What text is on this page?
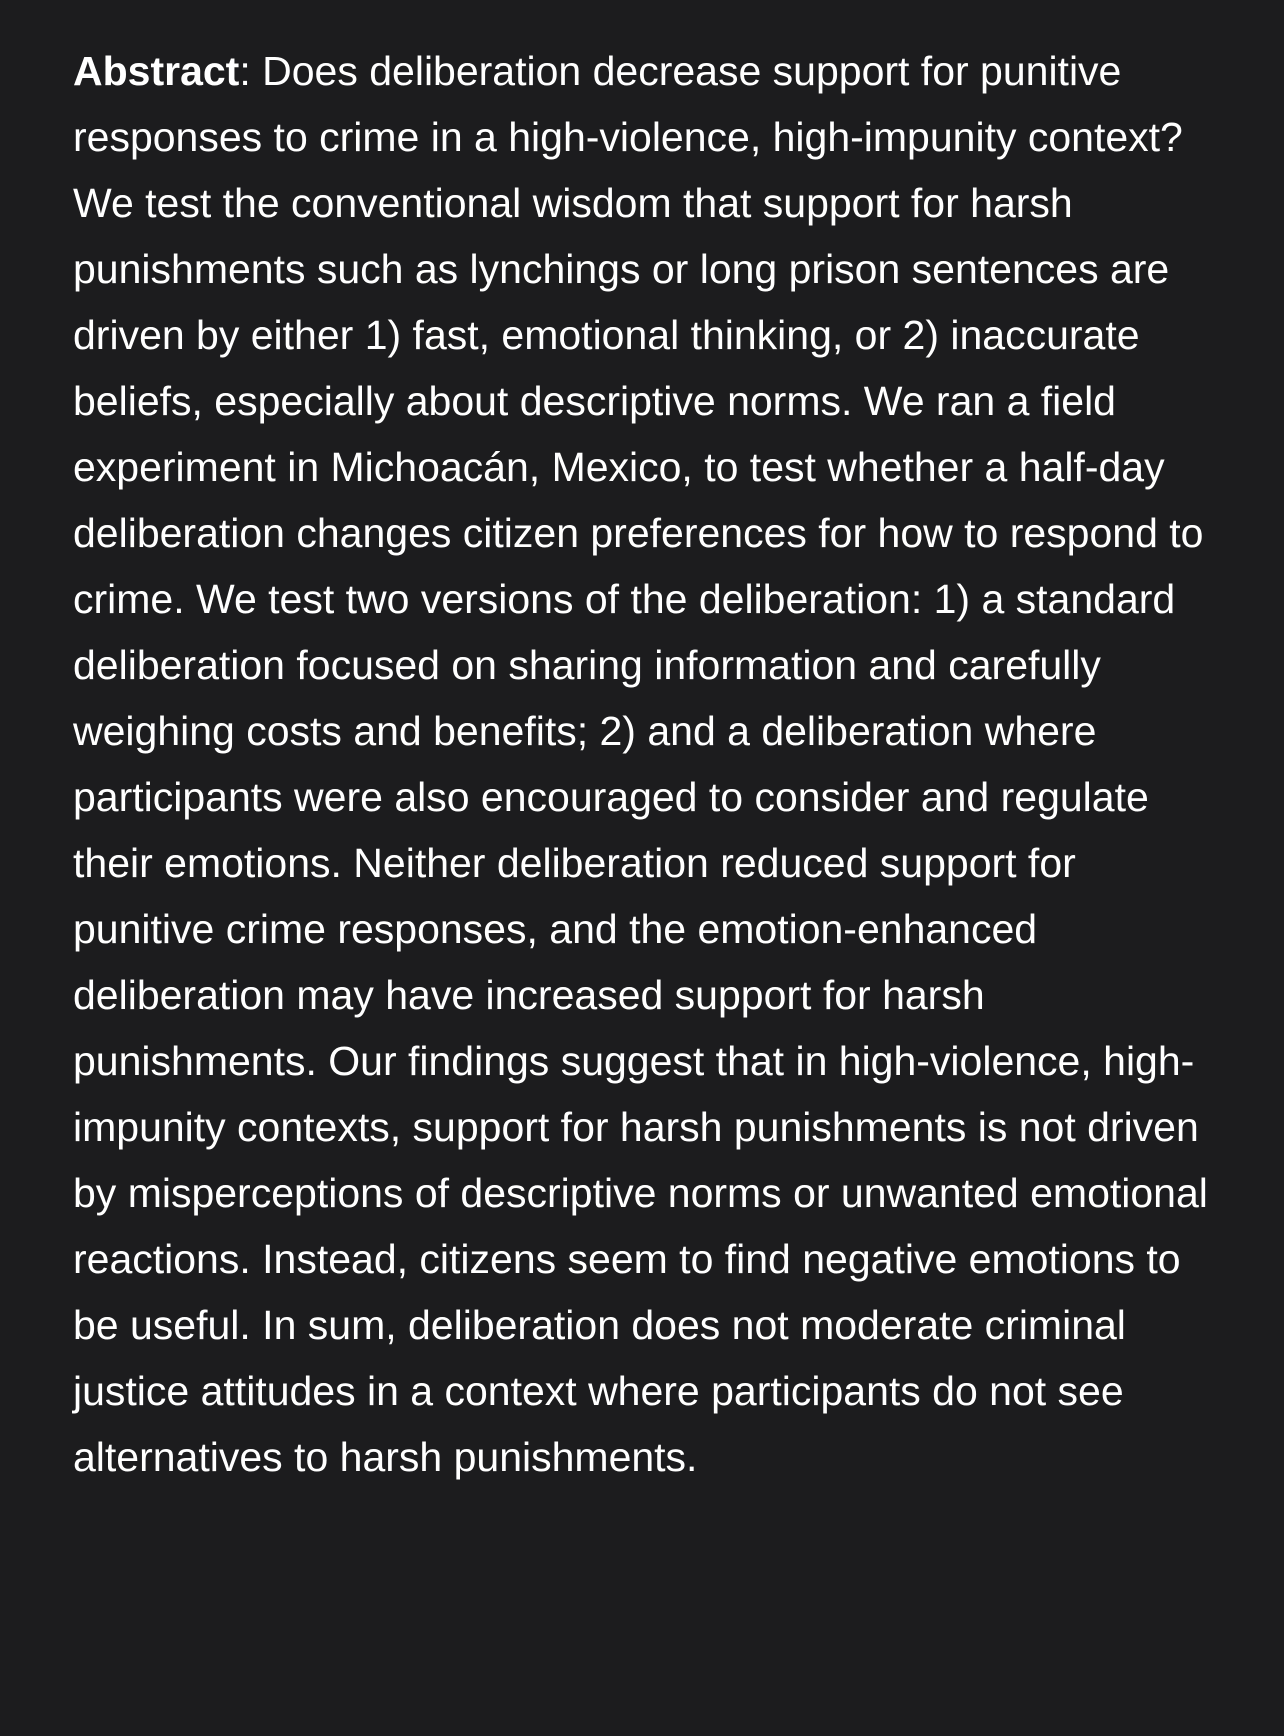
Abstract: Does deliberation decrease support for punitive responses to crime in a high-violence, high-impunity context? We test the conventional wisdom that support for harsh punishments such as lynchings or long prison sentences are driven by either 1) fast, emotional thinking, or 2) inaccurate beliefs, especially about descriptive norms. We ran a field experiment in Michoacán, Mexico, to test whether a half-day deliberation changes citizen preferences for how to respond to crime. We test two versions of the deliberation: 1) a standard deliberation focused on sharing information and carefully weighing costs and benefits; 2) and a deliberation where participants were also encouraged to consider and regulate their emotions. Neither deliberation reduced support for punitive crime responses, and the emotion-enhanced deliberation may have increased support for harsh punishments. Our findings suggest that in high-violence, high-impunity contexts, support for harsh punishments is not driven by misperceptions of descriptive norms or unwanted emotional reactions. Instead, citizens seem to find negative emotions to be useful. In sum, deliberation does not moderate criminal justice attitudes in a context where participants do not see alternatives to harsh punishments.
